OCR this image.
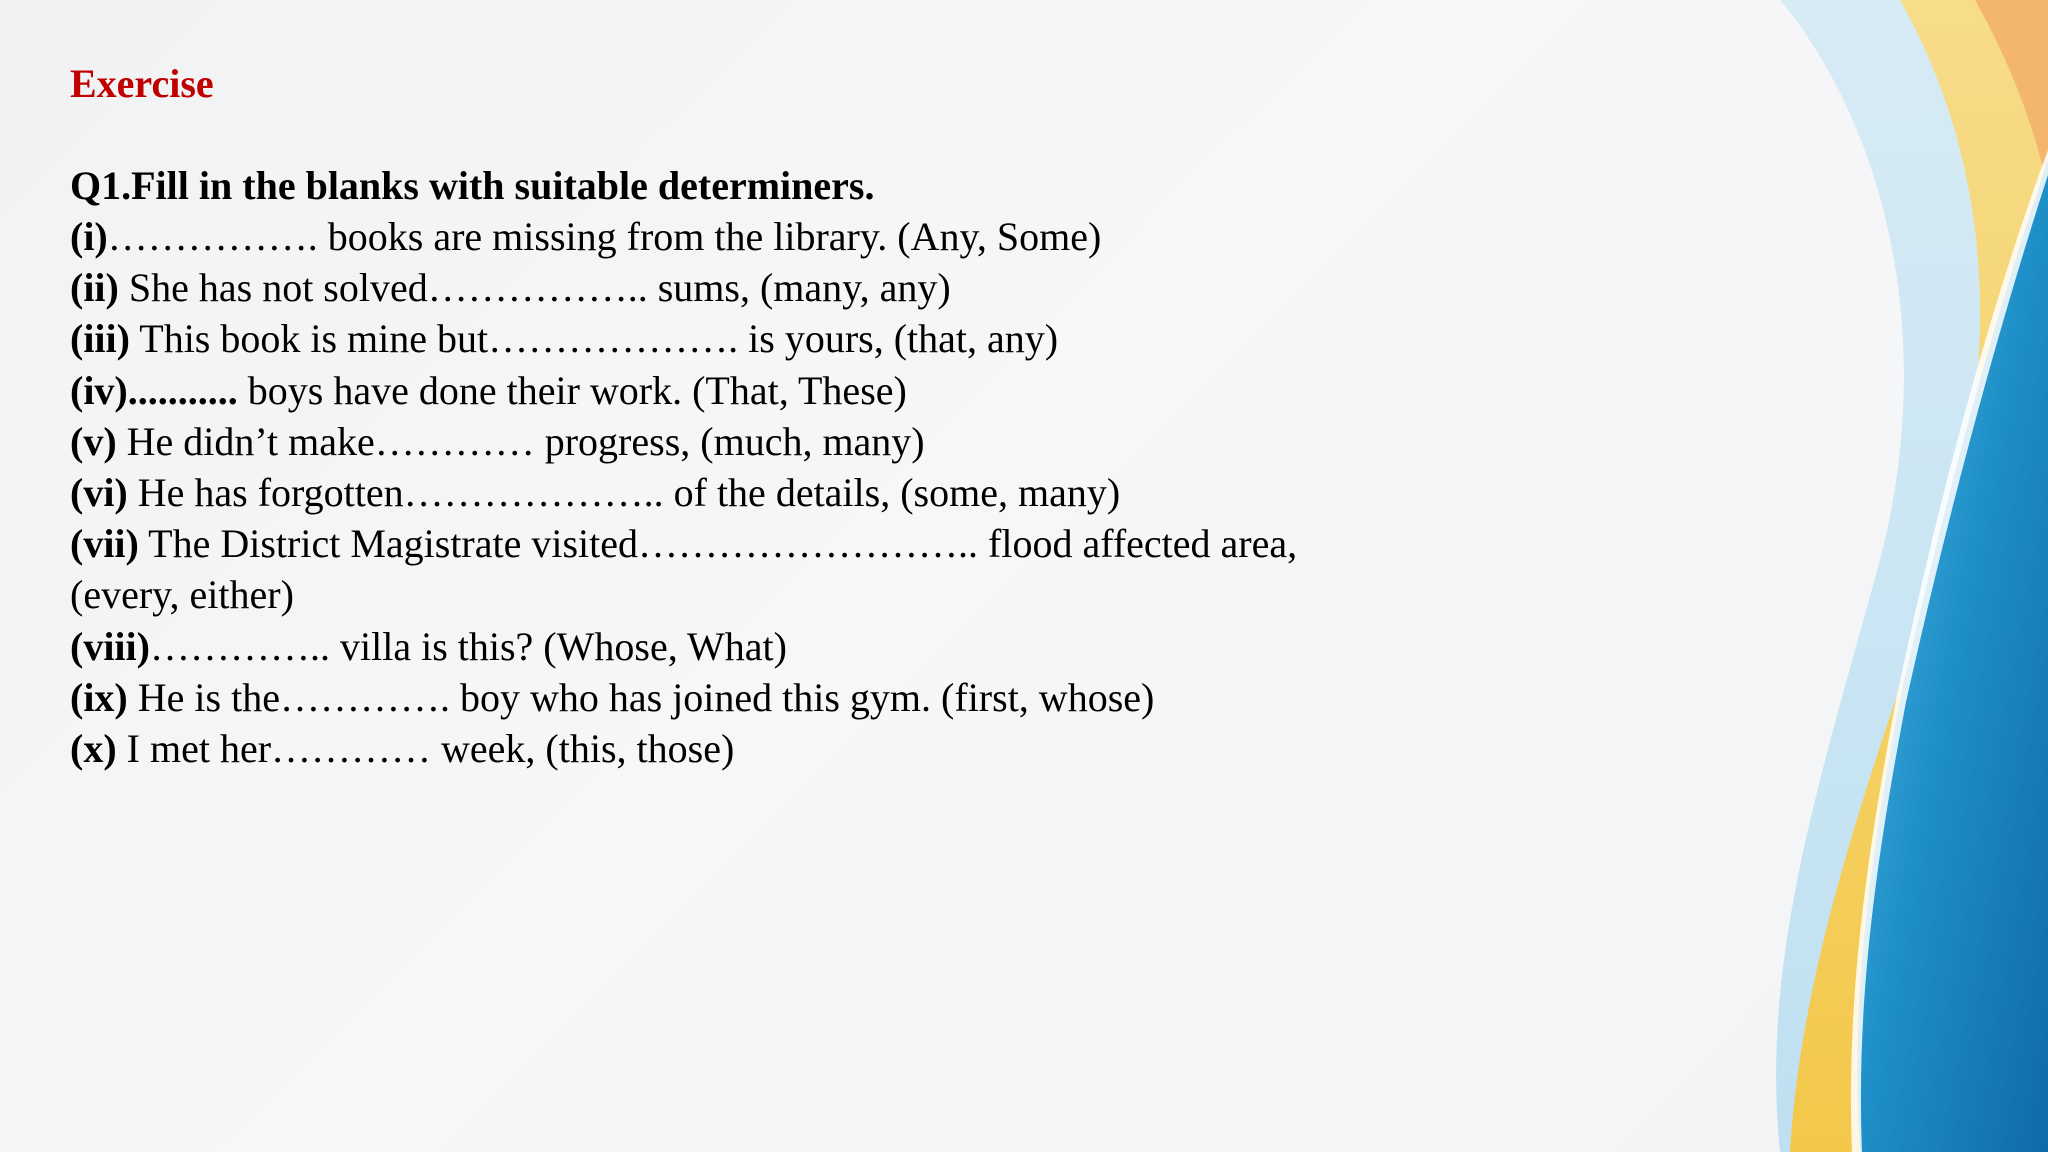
Exercise

Q1.Fill in the blanks with suitable determiners.

(i)……………. books are missing from the library. (Any, Some)

(ii) She has not solved…………….. sums, (many, any)

(iii) This book is mine but………………. is yours, (that, any)

(iv)........... boys have done their work. (That, These)

(v) He didn’t make………… progress, (much, many)

(vi) He has forgotten……………….. of the details, (some, many)

(vii) The District Magistrate visited…………………….. flood affected area, (every, either)

(viii)………….. villa is this? (Whose, What)

(ix) He is the…………. boy who has joined this gym. (first, whose)

(x) I met her………… week, (this, those)
